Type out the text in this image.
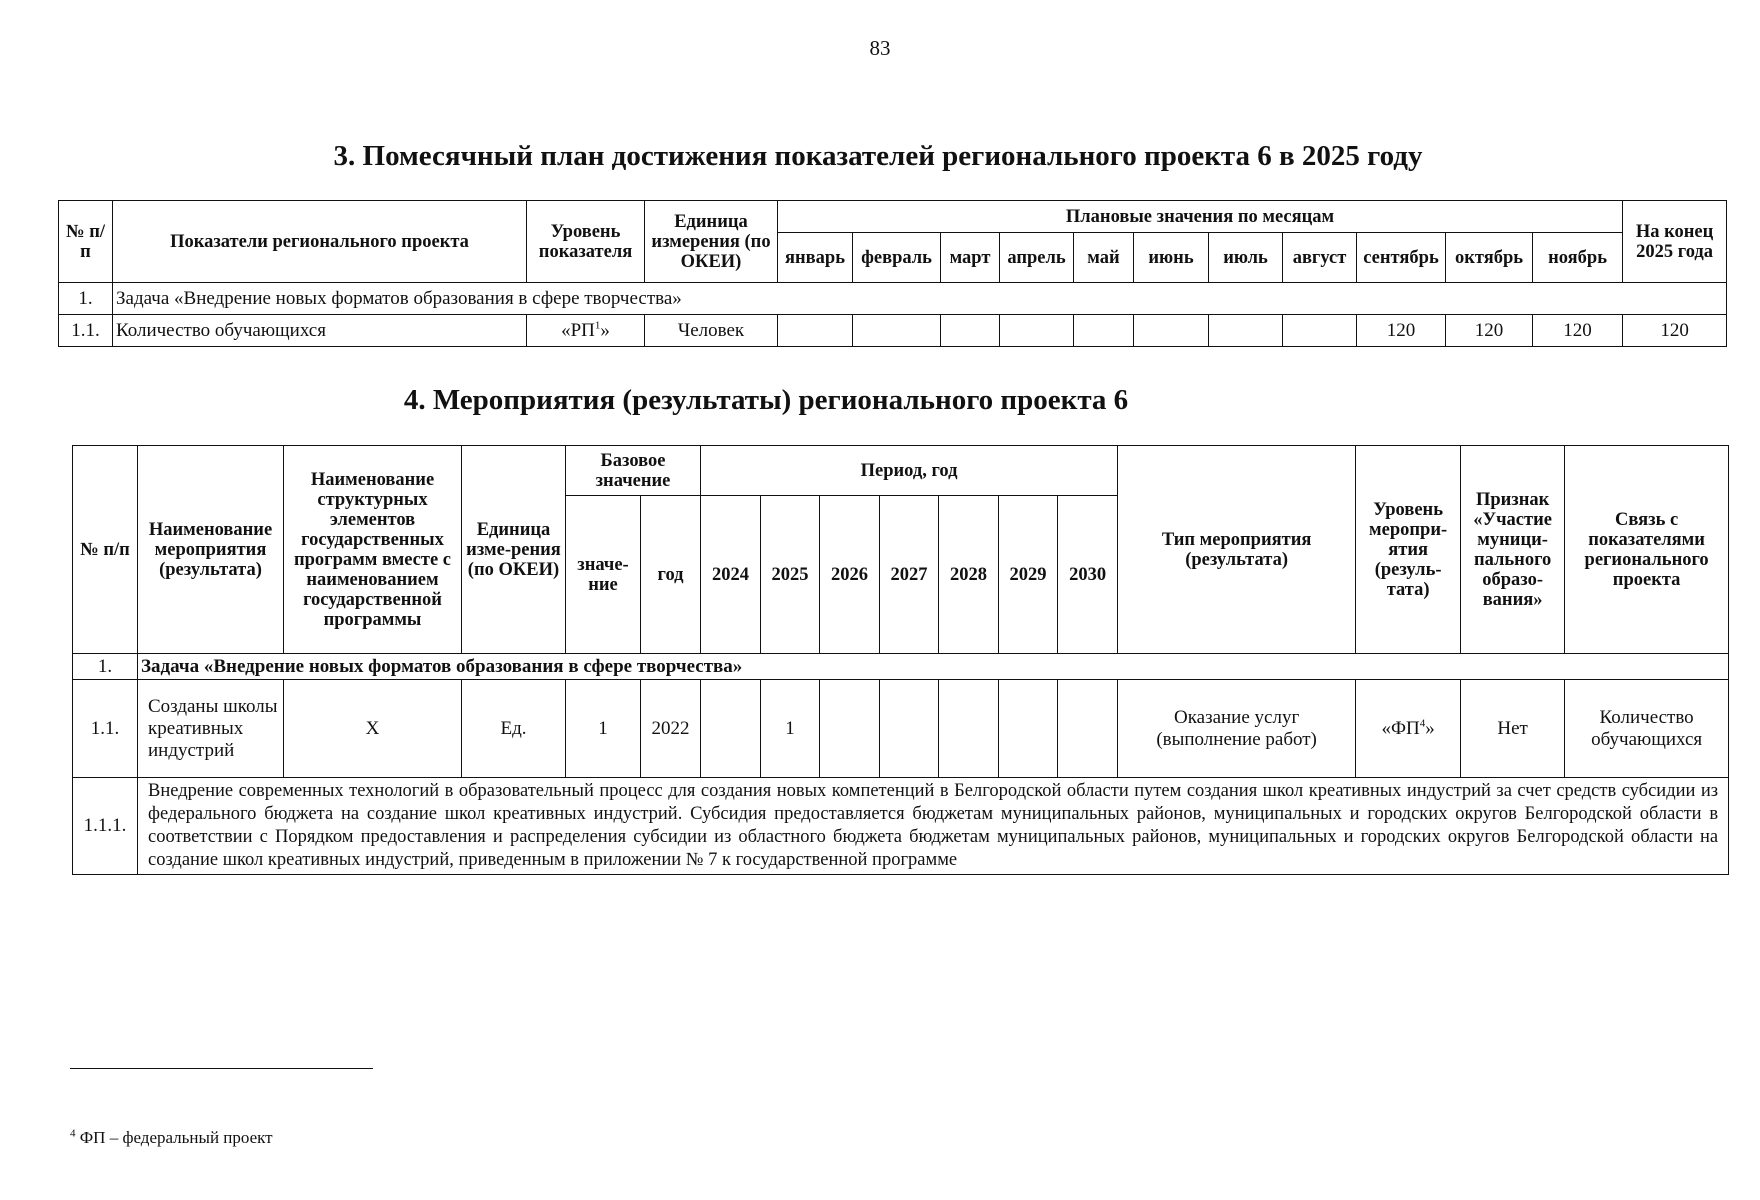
83
3. Помесячный план достижения показателей регионального проекта 6 в 2025 году
№ п/п	Показатели регионального проекта	Уровень показателя	Единица измерения (по ОКЕИ)	Плановые значения по месяцам											На конец 2025 года
				январь	февраль	март	апрель	май	июнь	июль	август	сентябрь	октябрь	ноябрь	
1.	Задача «Внедрение новых форматов образования в сфере творчества»														
1.1.	Количество обучающихся	«$РП^1$»	Человек									120	120	120	120
4. Мероприятия (результаты) регионального проекта 6
№ п/п	Наименование мероприятия (результата)	Наименование структурных элементов государственных программ вместе с наименованием государственной программы	Единица изме-рения (по ОКЕИ)	Базовое значение		Период, год							Тип мероприятия (результата)	Уровень меропри-ятия (резуль-тата)	Признак «Участие муници-пального образо-вания»	Связь с показателями регионального проекта
				значе-ние	год	2024	2025	2026	2027	2028	2029	2030				
1.	Задача «Внедрение новых форматов образования в сфере творчества»															
1.1.	Созданы школы креативных индустрий	Х	Ед.	1	2022		1						Оказание услуг (выполнение работ)	«$ФП^4$»	Нет	Количество обучающихся
1.1.1.	Внедрение современных технологий в образовательный процесс для создания новых компетенций в Белгородской области путем создания школ креативных индустрий за счет средств субсидии из федерального бюджета на создание школ креативных индустрий. Субсидия предоставляется бюджетам муниципальных районов, муниципальных и городских округов Белгородской области в соответствии с Порядком предоставления и распределения субсидии из областного бюджета бюджетам муниципальных районов, муниципальных и городских округов Белгородской области на создание школ креативных индустрий, приведенным в приложении № 7 к государственной программе															
$^4$ ФП – федеральный проект
